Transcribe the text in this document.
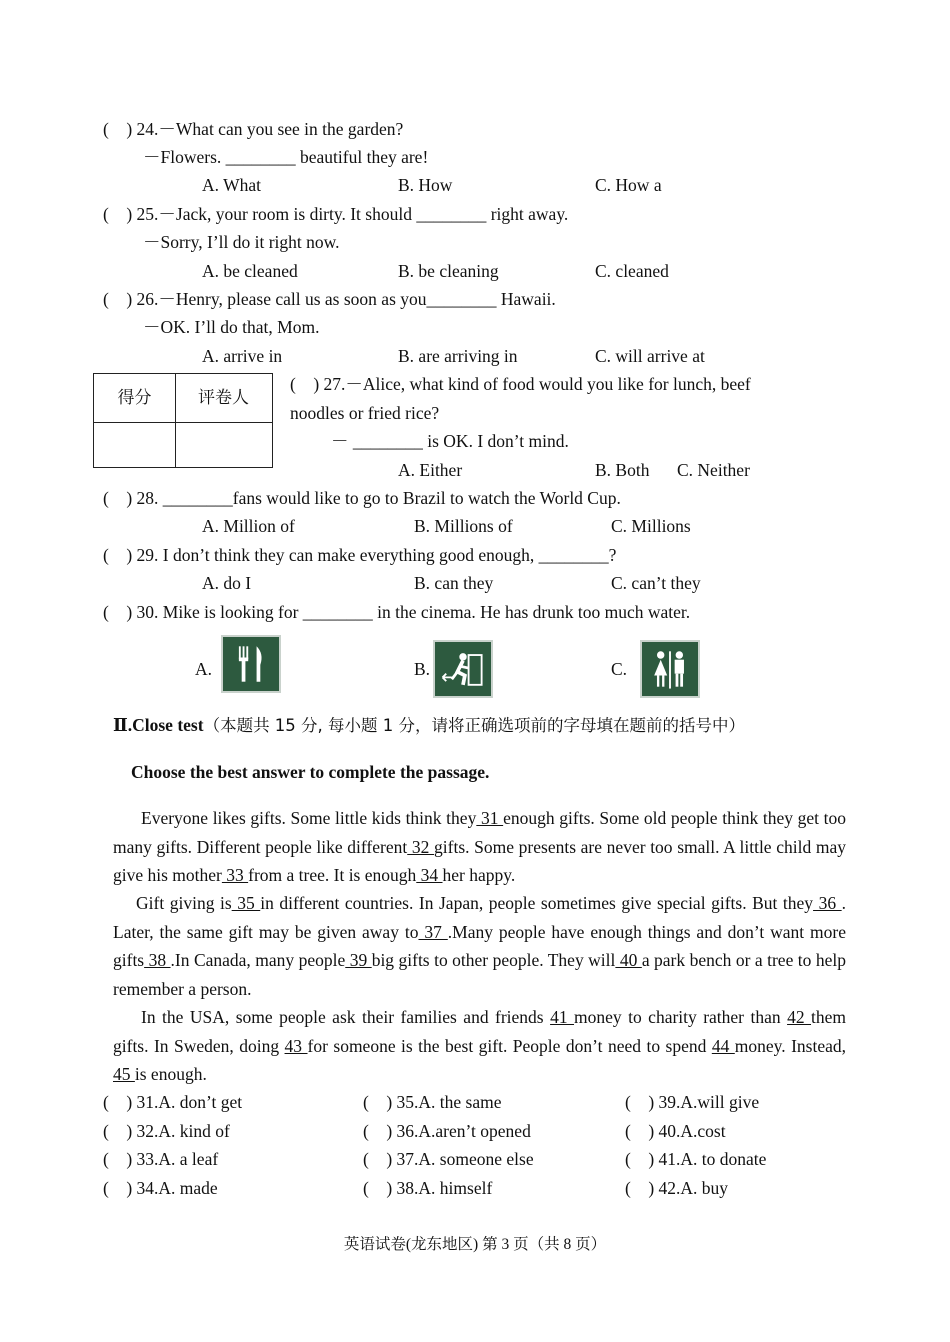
(    ) 24.－What can you see in the garden?
－Flowers. ________ beautiful they are!
A. What	B. How	C. How a
(    ) 25.－Jack, your room is dirty. It should ________ right away.
－Sorry, I’ll do it right now.
A. be cleaned	B. be cleaning	C. cleaned
(    ) 26.－Henry, please call us as soon as you________ Hawaii.
－OK. I’ll do that, Mom.
A. arrive in	B. are arriving in	C. will arrive at
得分	评卷人
(    ) 27.－Alice, what kind of food would you like for lunch, beef
noodles or fried rice?
－ ________ is OK. I don’t mind.
A. Either	B. Both C. Neither
(    ) 28. ________fans would like to go to Brazil to watch the World Cup.
A. Million of	B. Millions of	C. Millions
(    ) 29. I don’t think they can make everything good enough, ________?
A. do I	B. can they	C. can’t they
(    ) 30. Mike is looking for ________ in the cinema. He has drunk too much water.
A.	B.	C.
Ⅱ.Close test（本题共 15 分, 每小题 1 分，请将正确选项前的字母填在题前的括号中）
Choose the best answer to complete the passage.
Everyone likes gifts. Some little kids think they 31 enough gifts. Some old people think they get too many gifts. Different people like different 32 gifts. Some presents are never too small. A little child may give his mother 33 from a tree. It is enough 34 her happy.
Gift giving is 35 in different countries. In Japan, people sometimes give special gifts. But they 36 . Later, the same gift may be given away to 37 .Many people have enough things and don’t want more gifts 38 .In Canada, many people 39 big gifts to other people. They will 40 a park bench or a tree to help remember a person.
In the USA, some people ask their families and friends 41 money to charity rather than 42 them gifts. In Sweden, doing 43 for someone is the best gift. People don’t need to spend 44 money. Instead, 45 is enough.
(    ) 31.A. don’t get	(    ) 35.A. the same	(    ) 39.A.will give
(    ) 32.A. kind of	(    ) 36.A.aren’t opened	(    ) 40.A.cost
(    ) 33.A. a leaf	(    ) 37.A. someone else	(    ) 41.A. to donate
(    ) 34.A. made	(    ) 38.A. himself	(    ) 42.A. buy
英语试卷(龙东地区) 第 3 页（共 8 页）
